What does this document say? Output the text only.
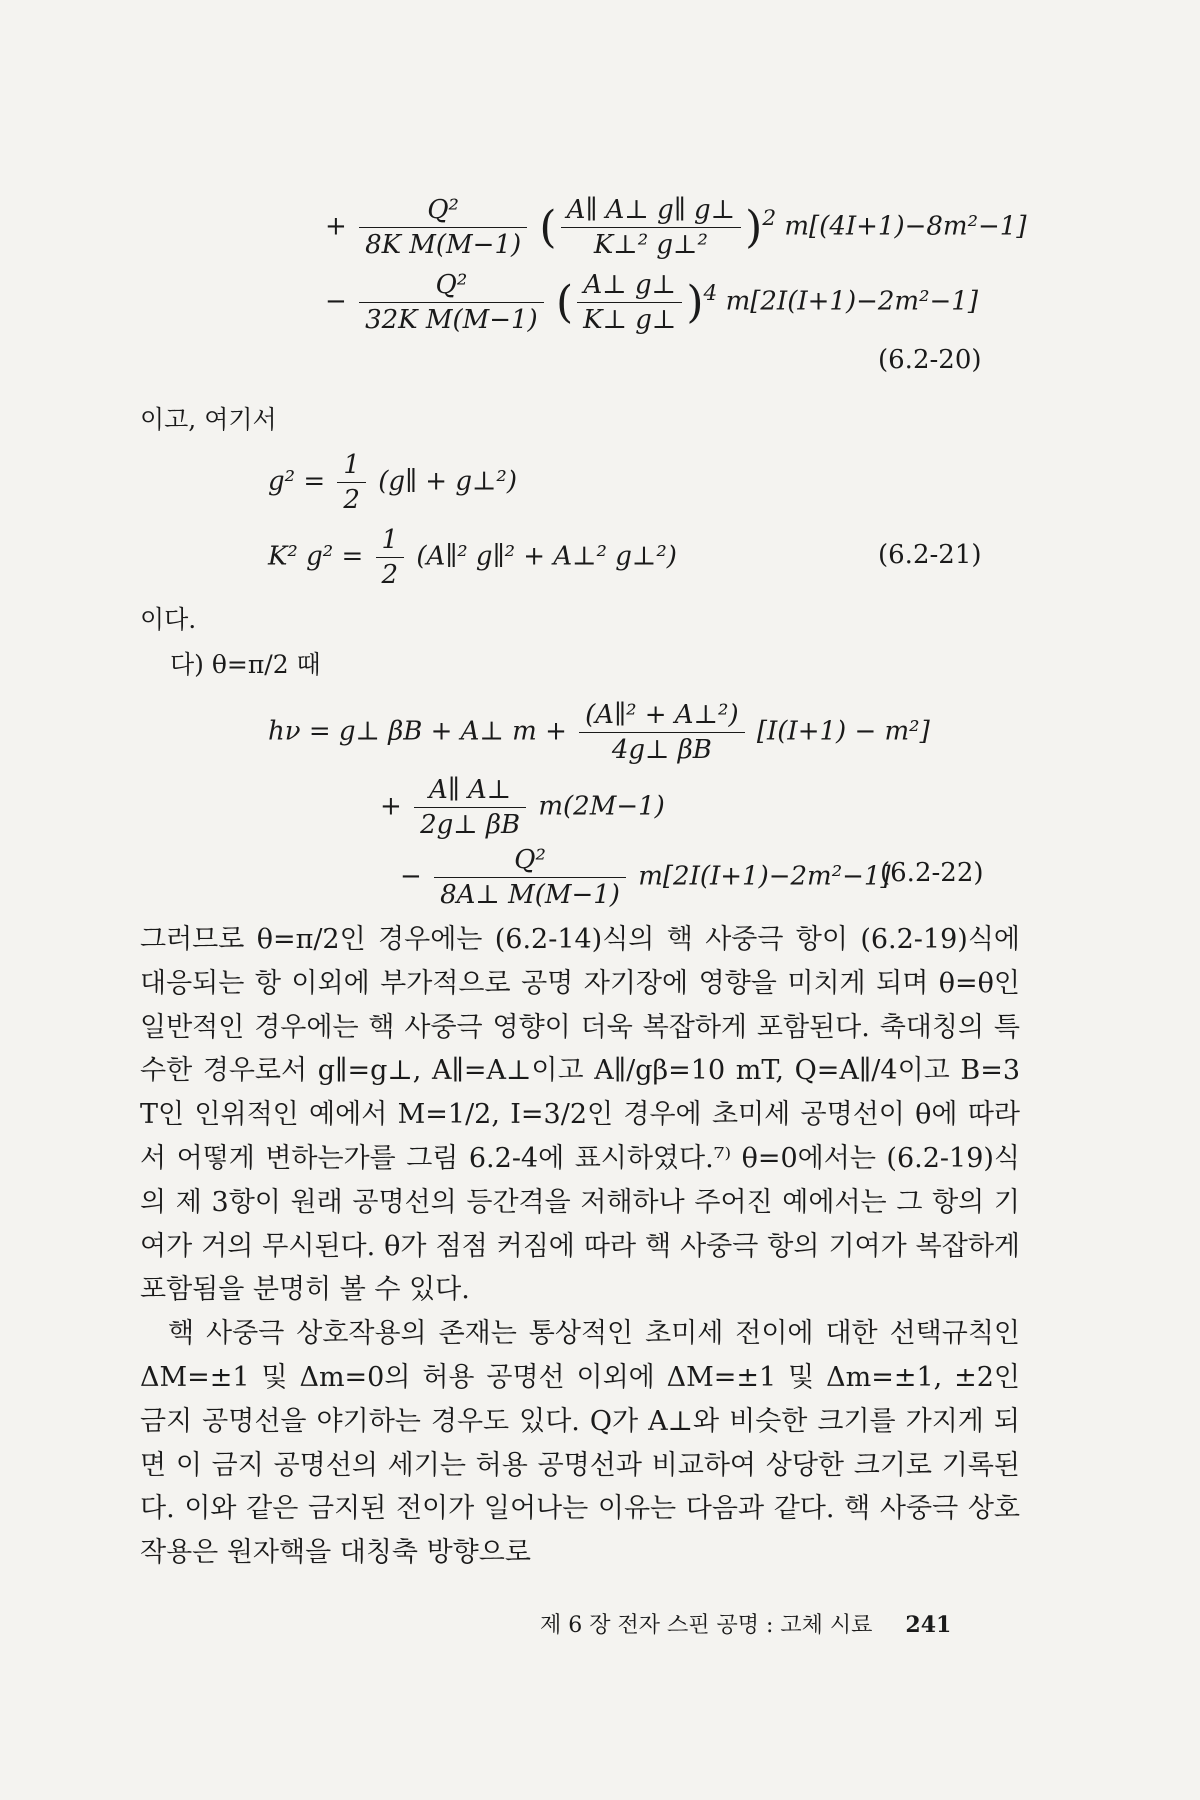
+ $\frac{\text{Q²}}{\text{8K M(M−1)}}$ ( $\frac{A\parallel A\perp g\parallel g\perp}{\text{K⊥² g⊥²}} )^2$ m[(4I+1)−8m²−1]
− $\frac{\text{Q²}}{\text{32K M(M−1)}}$ ( $\frac{A\perp g\perp}{K\perp g\perp} )^4$ m[2I(I+1)−2m²−1]
(6.2-20)
이고, 여기서
$g^2 = \frac{1}{2}$ (g∥ + g⊥²)
K² $g^2 = \frac{1}{2}$ (A∥² g∥² + A⊥² g⊥²)	(6.2-21)
이다.
다) θ=π/2 때
hν = g⊥ βB + A⊥ $m + \frac{\text{(A∥² + A⊥²)}}{4g\perp \beta B} [I(I+1) - m^2]$
+ $\frac{A\parallel A\perp}{2g\perp \beta B} m(2M-1)$
− $\frac{\text{Q²}}{8A\perp M(M-1)} m[2I(I+1)-2m^2-1]$
(6.2-22)

그러므로 θ=π/2인 경우에는 (6.2-14)식의 핵 사중극 항이 (6.2-19)식에 대응되는 항 이외에 부가적으로 공명 자기장에 영향을 미치게 되며 θ=θ인 일반적인 경우에는 핵 사중극 영향이 더욱 복잡하게 포함된다. 축대칭의 특수한 경우로서 g∥=g⊥, A∥=A⊥이고 A∥/gβ=10 mT, Q=A∥/4이고 B=3 T인 인위적인 예에서 M=1/2, I=3/2인 경우에 초미세 공명선이 θ에 따라서 어떻게 변하는가를 그림 6.2-4에 표시하였다.⁷⁾ θ=0에서는 (6.2-19)식의 제 3항이 원래 공명선의 등간격을 저해하나 주어진 예에서는 그 항의 기여가 거의 무시된다. θ가 점점 커짐에 따라 핵 사중극 항의 기여가 복잡하게 포함됨을 분명히 볼 수 있다.

핵 사중극 상호작용의 존재는 통상적인 초미세 전이에 대한 선택규칙인 ΔM=±1 및 Δm=0의 허용 공명선 이외에 ΔM=±1 및 Δm=±1, ±2인 금지 공명선을 야기하는 경우도 있다. Q가 A⊥와 비슷한 크기를 가지게 되면 이 금지 공명선의 세기는 허용 공명선과 비교하여 상당한 크기로 기록된다. 이와 같은 금지된 전이가 일어나는 이유는 다음과 같다. 핵 사중극 상호작용은 원자핵을 대칭축 방향으로

제 6 장 전자 스핀 공명 : 고체 시료 241
